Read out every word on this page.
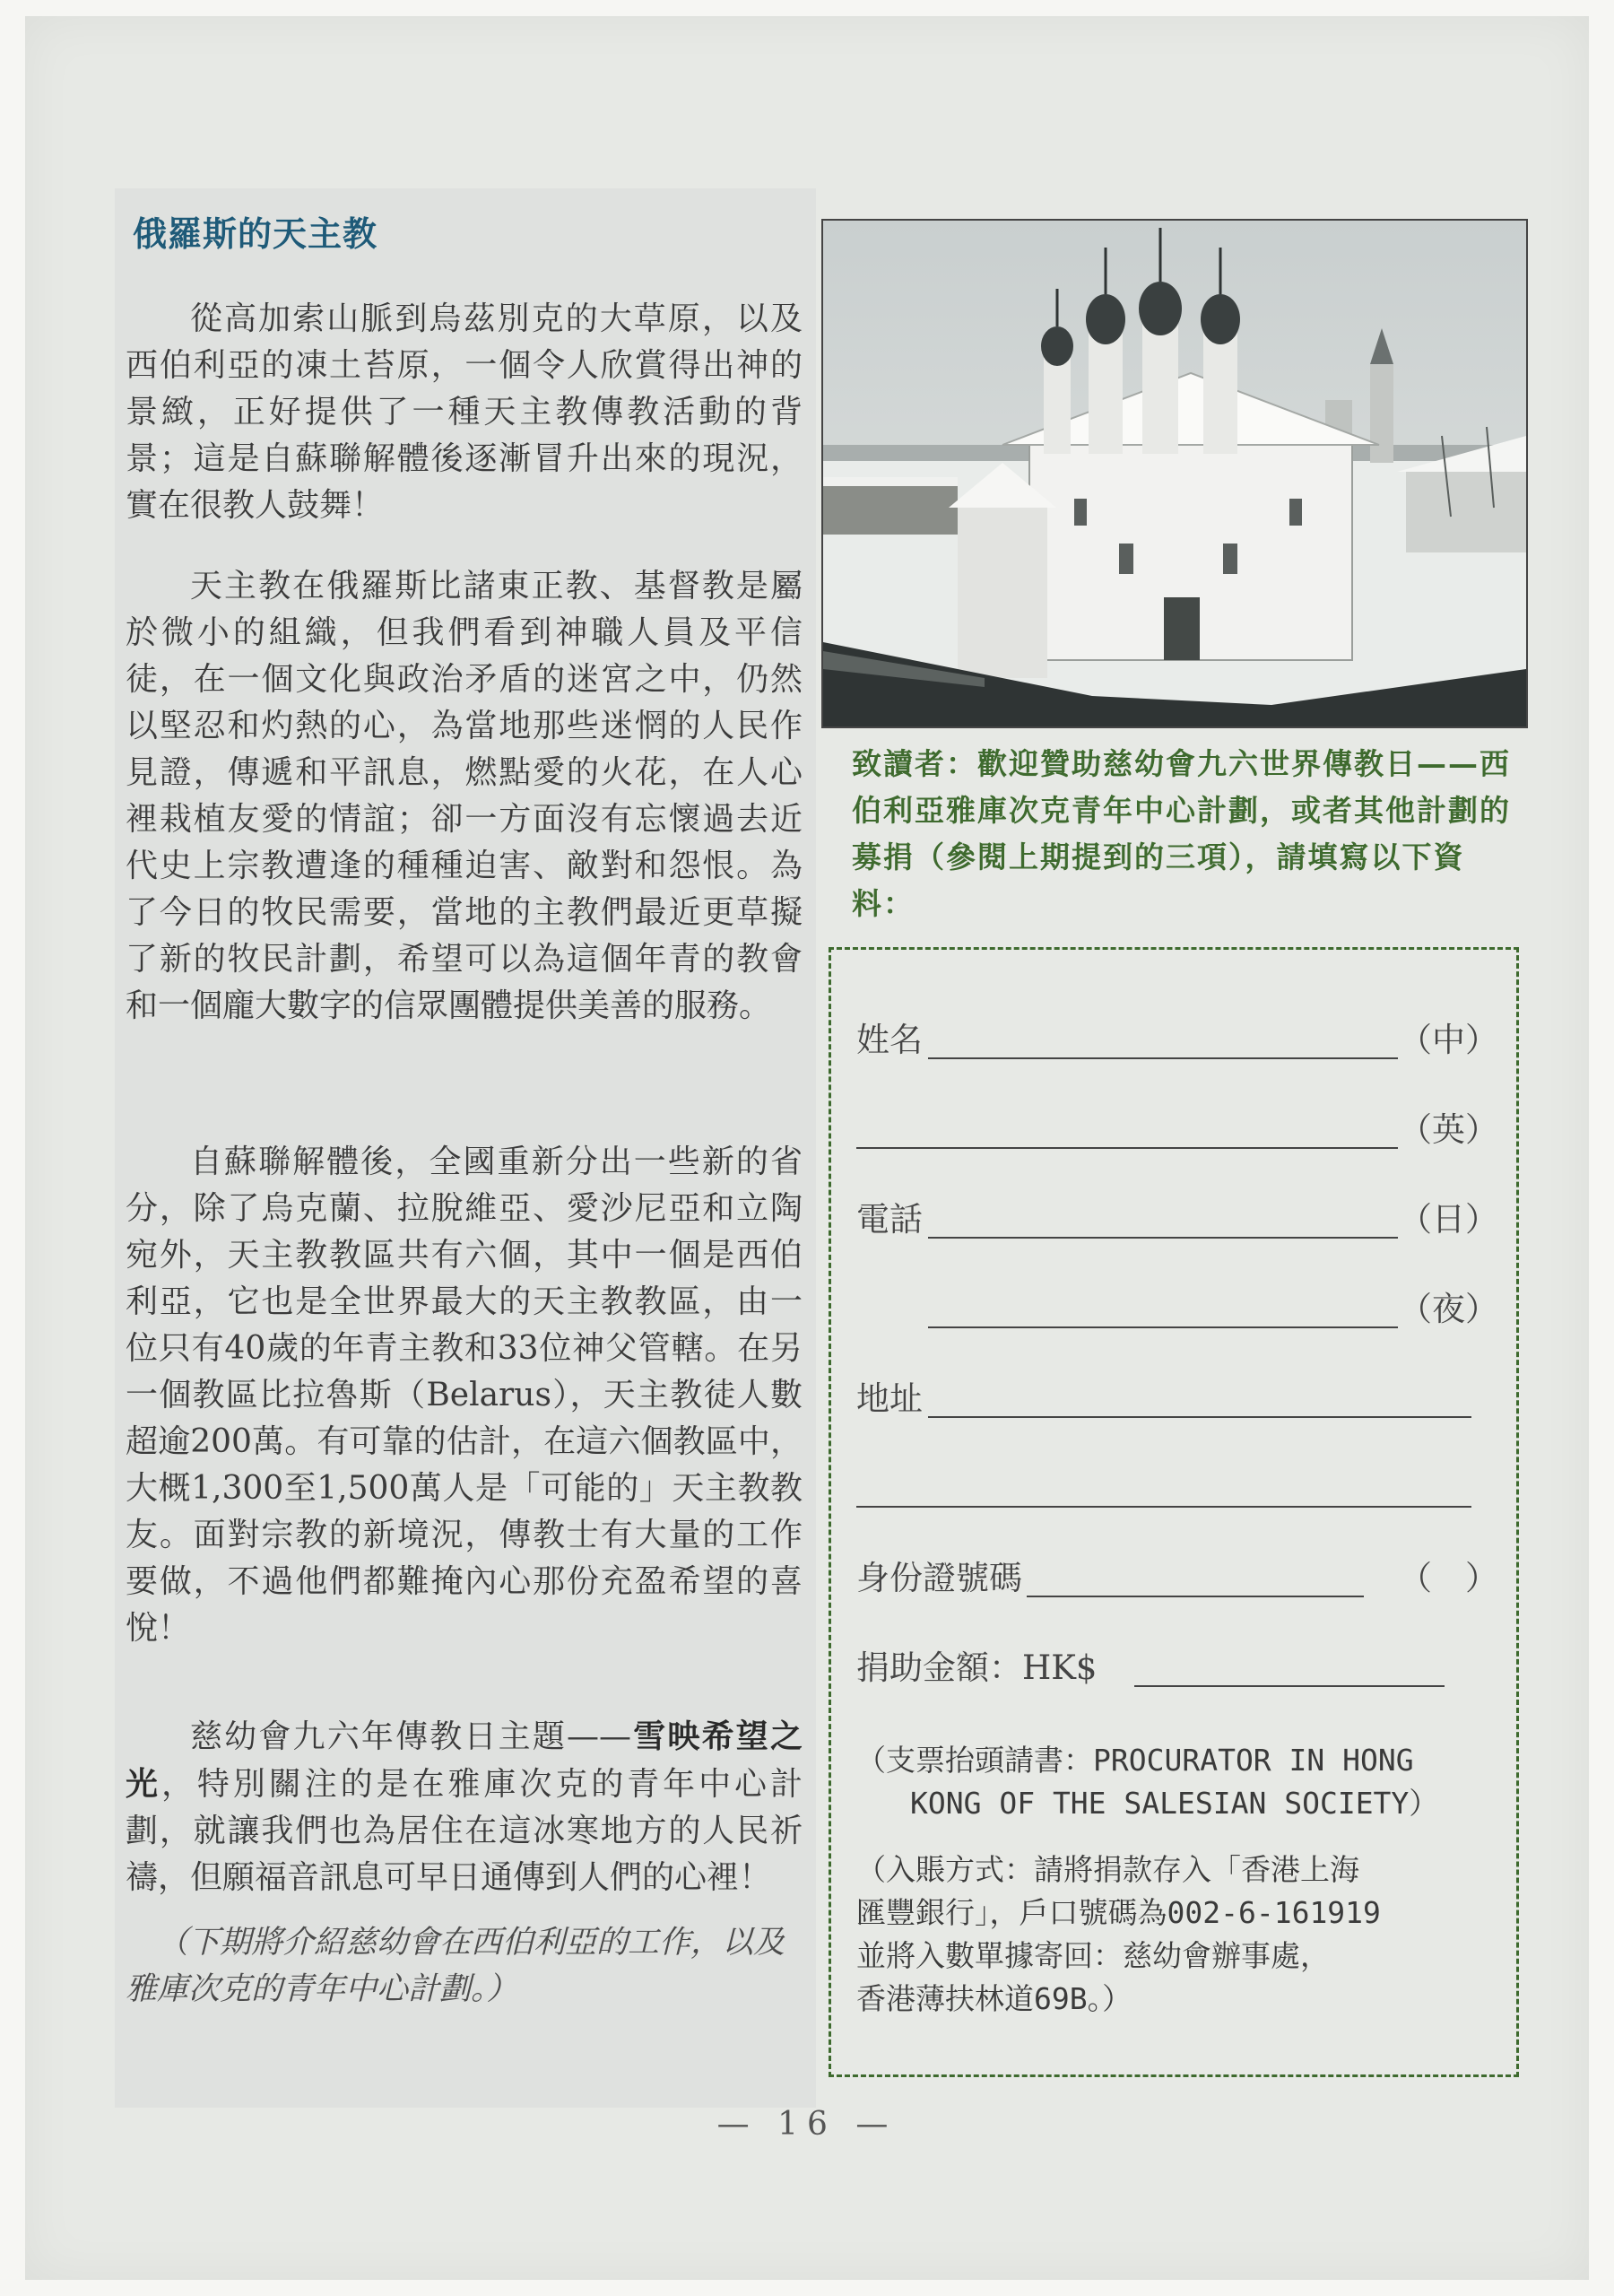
俄羅斯的天主教
從高加索山脈到烏茲別克的大草原，以及西伯利亞的凍土苔原，一個令人欣賞得出神的景緻，正好提供了一種天主教傳教活動的背景；這是自蘇聯解體後逐漸冒升出來的現況，實在很教人鼓舞！
天主教在俄羅斯比諸東正教、基督教是屬於微小的組織，但我們看到神職人員及平信徒，在一個文化與政治矛盾的迷宮之中，仍然以堅忍和灼熱的心，為當地那些迷惘的人民作見證，傳遞和平訊息，燃點愛的火花，在人心裡栽植友愛的情誼；卻一方面沒有忘懷過去近代史上宗教遭逢的種種迫害、敵對和怨恨。為了今日的牧民需要，當地的主教們最近更草擬了新的牧民計劃，希望可以為這個年青的教會和一個龐大數字的信眾團體提供美善的服務。
自蘇聯解體後，全國重新分出一些新的省分，除了烏克蘭、拉脫維亞、愛沙尼亞和立陶宛外，天主教教區共有六個，其中一個是西伯利亞，它也是全世界最大的天主教教區，由一位只有40歲的年青主教和33位神父管轄。在另一個教區比拉魯斯（Belarus），天主教徒人數超逾200萬。有可靠的估計，在這六個教區中，大概1,300至1,500萬人是「可能的」天主教教友。面對宗教的新境況，傳教士有大量的工作要做，不過他們都難掩內心那份充盈希望的喜悅！
慈幼會九六年傳教日主題——雪映希望之光，特別關注的是在雅庫次克的青年中心計劃，就讓我們也為居住在這冰寒地方的人民祈禱，但願福音訊息可早日通傳到人們的心裡！
（下期將介紹慈幼會在西伯利亞的工作，以及雅庫次克的青年中心計劃。）
致讀者：歡迎贊助慈幼會九六世界傳教日——西伯利亞雅庫次克青年中心計劃，或者其他計劃的募捐（參閱上期提到的三項），請填寫以下資料：
姓名	（中）
（英）
電話	（日）
（夜）
地址
身份證號碼	（　）
捐助金額：HK$
（支票抬頭請書：PROCURATOR IN HONG
KONG OF THE SALESIAN SOCIETY）
（入賬方式：請將捐款存入「香港上海
匯豐銀行」，戶口號碼為002-6-161919
並將入數單據寄回：慈幼會辦事處，
香港薄扶林道69B。）
— 16 —
